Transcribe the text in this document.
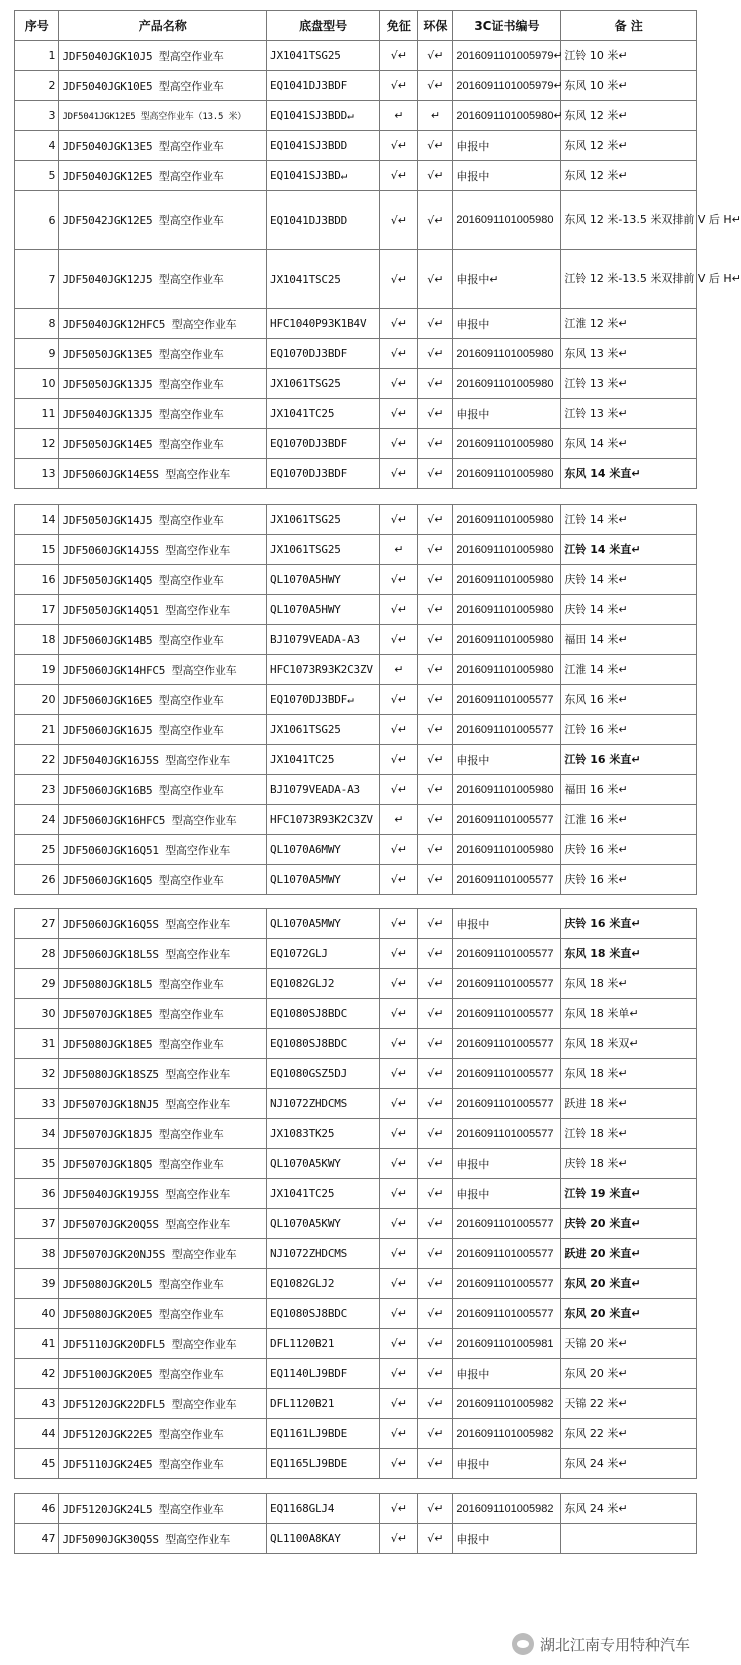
序号	产品名称	底盘型号	免征	环保	3C证书编号	备 注
1	JDF5040JGK10J5 型高空作业车	JX1041TSG25	√↵	√↵	2016091101005979↵	江铃 10 米↵
2	JDF5040JGK10E5 型高空作业车	EQ1041DJ3BDF	√↵	√↵	2016091101005979↵	东风 10 米↵
3	JDF5041JGK12E5 型高空作业车（13.5 米）	EQ1041SJ3BDD↵	↵	↵	2016091101005980↵	东风 12 米↵
4	JDF5040JGK13E5 型高空作业车	EQ1041SJ3BDD	√↵	√↵	申报中	东风 12 米↵
5	JDF5040JGK12E5 型高空作业车	EQ1041SJ3BD↵	√↵	√↵	申报中	东风 12 米↵
6	JDF5042JGK12E5 型高空作业车	EQ1041DJ3BDD	√↵	√↵	2016091101005980	东风 12 米-13.5 米双排前 V 后 H↵
7	JDF5040JGK12J5 型高空作业车	JX1041TSC25	√↵	√↵	申报中↵	江铃 12 米-13.5 米双排前 V 后 H↵
8	JDF5040JGK12HFC5 型高空作业车	HFC1040P93K1B4V	√↵	√↵	申报中	江淮 12 米↵
9	JDF5050JGK13E5 型高空作业车	EQ1070DJ3BDF	√↵	√↵	2016091101005980	东风 13 米↵
10	JDF5050JGK13J5 型高空作业车	JX1061TSG25	√↵	√↵	2016091101005980	江铃 13 米↵
11	JDF5040JGK13J5 型高空作业车	JX1041TC25	√↵	√↵	申报中	江铃 13 米↵
12	JDF5050JGK14E5 型高空作业车	EQ1070DJ3BDF	√↵	√↵	2016091101005980	东风 14 米↵
13	JDF5060JGK14E5S 型高空作业车	EQ1070DJ3BDF	√↵	√↵	2016091101005980	东风 14 米直↵
14	JDF5050JGK14J5 型高空作业车	JX1061TSG25	√↵	√↵	2016091101005980	江铃 14 米↵
15	JDF5060JGK14J5S 型高空作业车	JX1061TSG25	↵	√↵	2016091101005980	江铃 14 米直↵
16	JDF5050JGK14Q5 型高空作业车	QL1070A5HWY	√↵	√↵	2016091101005980	庆铃 14 米↵
17	JDF5050JGK14Q51 型高空作业车	QL1070A5HWY	√↵	√↵	2016091101005980	庆铃 14 米↵
18	JDF5060JGK14B5 型高空作业车	BJ1079VEADA-A3	√↵	√↵	2016091101005980	福田 14 米↵
19	JDF5060JGK14HFC5 型高空作业车	HFC1073R93K2C3ZV	↵	√↵	2016091101005980	江淮 14 米↵
20	JDF5060JGK16E5 型高空作业车	EQ1070DJ3BDF↵	√↵	√↵	2016091101005577	东风 16 米↵
21	JDF5060JGK16J5 型高空作业车	JX1061TSG25	√↵	√↵	2016091101005577	江铃 16 米↵
22	JDF5040JGK16J5S 型高空作业车	JX1041TC25	√↵	√↵	申报中	江铃 16 米直↵
23	JDF5060JGK16B5 型高空作业车	BJ1079VEADA-A3	√↵	√↵	2016091101005980	福田 16 米↵
24	JDF5060JGK16HFC5 型高空作业车	HFC1073R93K2C3ZV	↵	√↵	2016091101005577	江淮 16 米↵
25	JDF5060JGK16Q51 型高空作业车	QL1070A6MWY	√↵	√↵	2016091101005980	庆铃 16 米↵
26	JDF5060JGK16Q5 型高空作业车	QL1070A5MWY	√↵	√↵	2016091101005577	庆铃 16 米↵
27	JDF5060JGK16Q5S 型高空作业车	QL1070A5MWY	√↵	√↵	申报中	庆铃 16 米直↵
28	JDF5060JGK18L5S 型高空作业车	EQ1072GLJ	√↵	√↵	2016091101005577	东风 18 米直↵
29	JDF5080JGK18L5 型高空作业车	EQ1082GLJ2	√↵	√↵	2016091101005577	东风 18 米↵
30	JDF5070JGK18E5 型高空作业车	EQ1080SJ8BDC	√↵	√↵	2016091101005577	东风 18 米单↵
31	JDF5080JGK18E5 型高空作业车	EQ1080SJ8BDC	√↵	√↵	2016091101005577	东风 18 米双↵
32	JDF5080JGK18SZ5 型高空作业车	EQ1080GSZ5DJ	√↵	√↵	2016091101005577	东风 18 米↵
33	JDF5070JGK18NJ5 型高空作业车	NJ1072ZHDCMS	√↵	√↵	2016091101005577	跃进 18 米↵
34	JDF5070JGK18J5 型高空作业车	JX1083TK25	√↵	√↵	2016091101005577	江铃 18 米↵
35	JDF5070JGK18Q5 型高空作业车	QL1070A5KWY	√↵	√↵	申报中	庆铃 18 米↵
36	JDF5040JGK19J5S 型高空作业车	JX1041TC25	√↵	√↵	申报中	江铃 19 米直↵
37	JDF5070JGK20Q5S 型高空作业车	QL1070A5KWY	√↵	√↵	2016091101005577	庆铃 20 米直↵
38	JDF5070JGK20NJ5S 型高空作业车	NJ1072ZHDCMS	√↵	√↵	2016091101005577	跃进 20 米直↵
39	JDF5080JGK20L5 型高空作业车	EQ1082GLJ2	√↵	√↵	2016091101005577	东风 20 米直↵
40	JDF5080JGK20E5 型高空作业车	EQ1080SJ8BDC	√↵	√↵	2016091101005577	东风 20 米直↵
41	JDF5110JGK20DFL5 型高空作业车	DFL1120B21	√↵	√↵	2016091101005981	天锦 20 米↵
42	JDF5100JGK20E5 型高空作业车	EQ1140LJ9BDF	√↵	√↵	申报中	东风 20 米↵
43	JDF5120JGK22DFL5 型高空作业车	DFL1120B21	√↵	√↵	2016091101005982	天锦 22 米↵
44	JDF5120JGK22E5 型高空作业车	EQ1161LJ9BDE	√↵	√↵	2016091101005982	东风 22 米↵
45	JDF5110JGK24E5 型高空作业车	EQ1165LJ9BDE	√↵	√↵	申报中	东风 24 米↵
46	JDF5120JGK24L5 型高空作业车	EQ1168GLJ4	√↵	√↵	2016091101005982	东风 24 米↵
47	JDF5090JGK30Q5S 型高空作业车	QL1100A8KAY	√↵	√↵	申报中	
湖北江南专用特种汽车
